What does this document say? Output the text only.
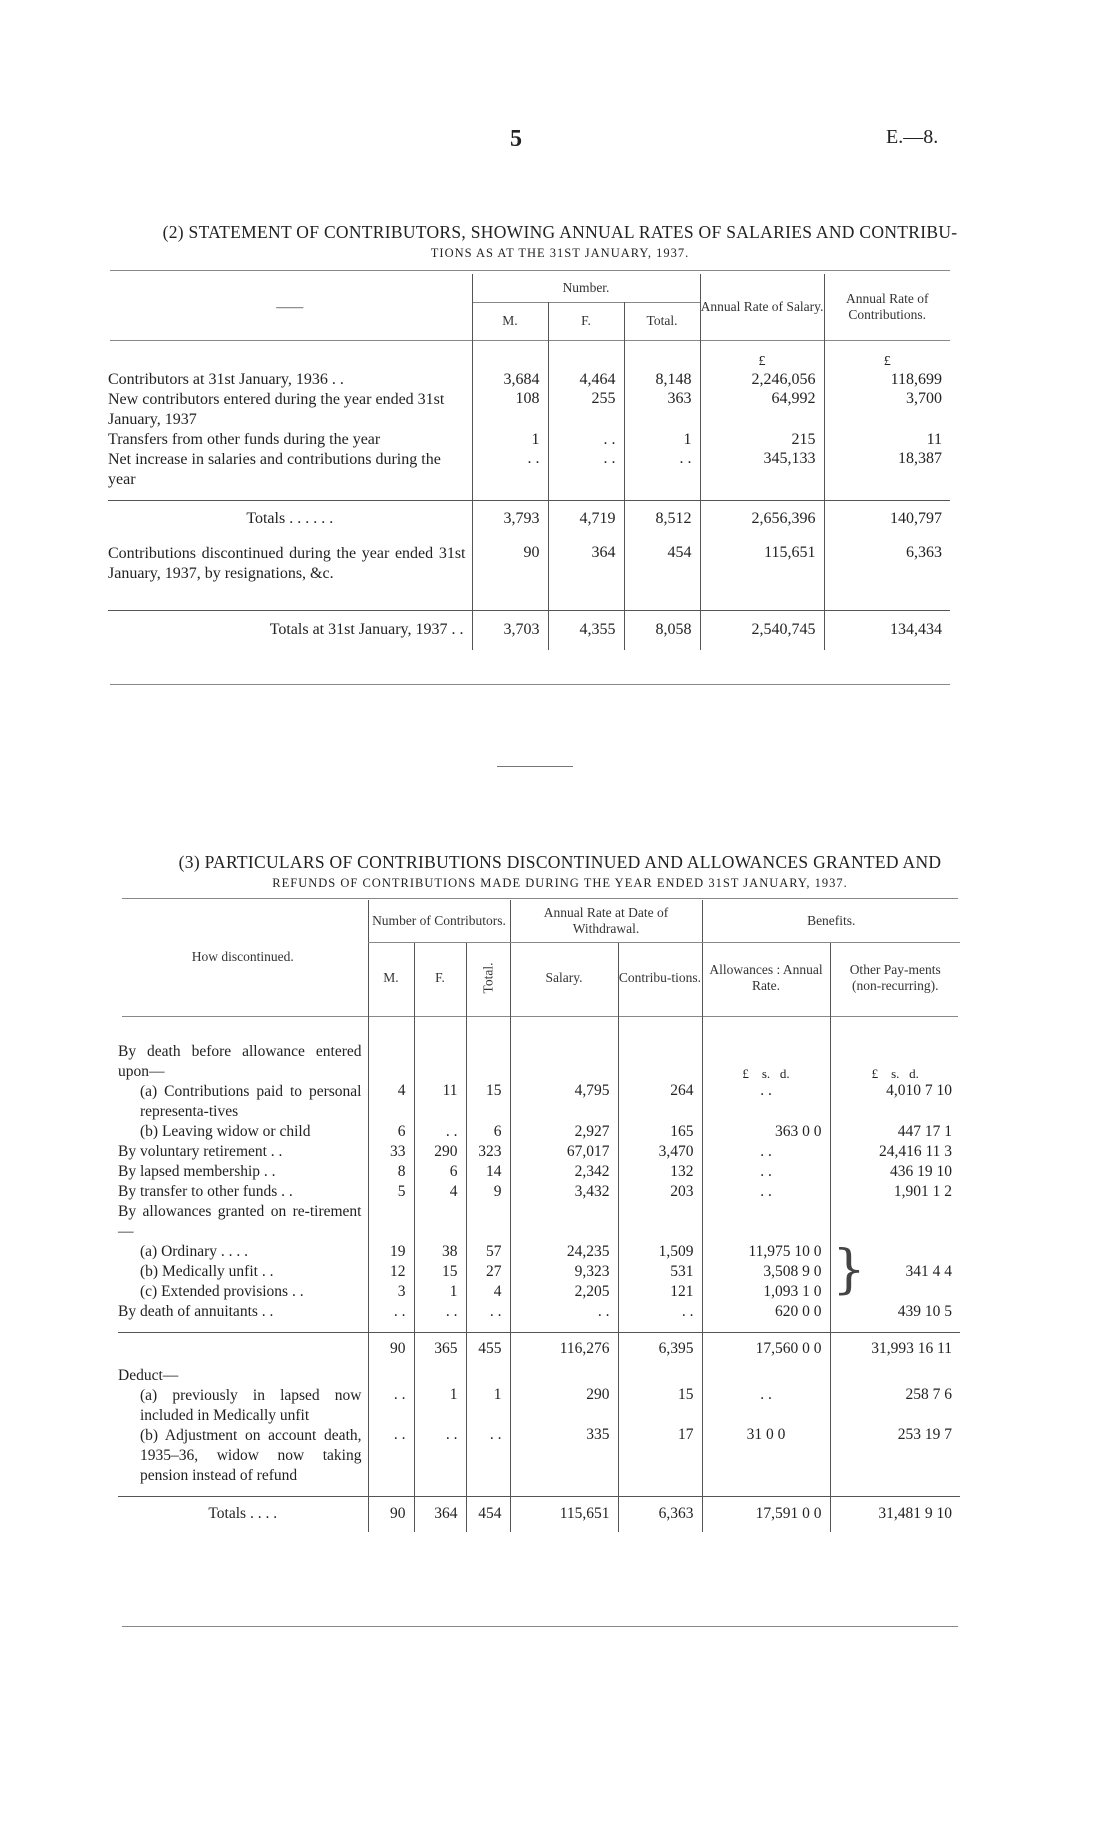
5	E.—8.
(2) STATEMENT OF CONTRIBUTORS, SHOWING ANNUAL RATES OF SALARIES AND CONTRIBU-
TIONS AS AT THE 31ST JANUARY, 1937.
——	Number.			Annual Rate of Salary.	Annual Rate of Contributions.
	M.	F.	Total.		
				£	£
Contributors at 31st January, 1936 . .	3,684	4,464	8,148	2,246,056	118,699
New contributors entered during the year ended 31st January, 1937	108	255	363	64,992	3,700
Transfers from other funds during the year	1	. .	1	215	11
Net increase in salaries and contributions during the year	. .	. .	. .	345,133	18,387

Totals . . . . . .	3,793	4,719	8,512	2,656,396	140,797
Contributions discontinued during the year ended 31st January, 1937, by resignations, &c.	90	364	454	115,651	6,363
Totals at 31st January, 1937 . .	3,703	4,355	8,058	2,540,745	134,434
(3) PARTICULARS OF CONTRIBUTIONS DISCONTINUED AND ALLOWANCES GRANTED AND
REFUNDS OF CONTRIBUTIONS MADE DURING THE YEAR ENDED 31ST JANUARY, 1937.
How discontinued.	Number of Contributors.			Annual Rate at Date of Withdrawal.		Benefits.	
	M.	F.	Total.	Salary.	Contribu-tions.	Allowances : Annual Rate.	Other Pay-ments (non-recurring).

By death before allowance entered upon—						£ s. d.	£ s. d.
(a) Contributions paid to personal representa-tives	4	11	15	4,795	264	. .	4,010 7 10
(b) Leaving widow or child	6	. .	6	2,927	165	363 0 0	447 17 1
By voluntary retirement . .	33	290	323	67,017	3,470	. .	24,416 11 3
By lapsed membership . .	8	6	14	2,342	132	. .	436 19 10
By transfer to other funds . .	5	4	9	3,432	203	. .	1,901 1 2
By allowances granted on re-tirement—							
(a) Ordinary . . . .	19	38	57	24,235	1,509	11,975 10 0	} 341 4 4
(b) Medically unfit . .	12	15	27	9,323	531	3,508 9 0	
(c) Extended provisions . .	3	1	4	2,205	121	1,093 1 0	
By death of annuitants . .	. .	. .	. .	. .	. .	620 0 0	439 10 5

	90	365	455	116,276	6,395	17,560 0 0	31,993 16 11
Deduct—							
(a) previously in lapsed now included in Medically unfit	. .	1	1	290	15	. .	258 7 6
(b) Adjustment on account death, 1935–36, widow now taking pension instead of refund	. .	. .	. .	335	17	31 0 0	253 19 7

Totals . . . .	90	364	454	115,651	6,363	17,591 0 0	31,481 9 10
